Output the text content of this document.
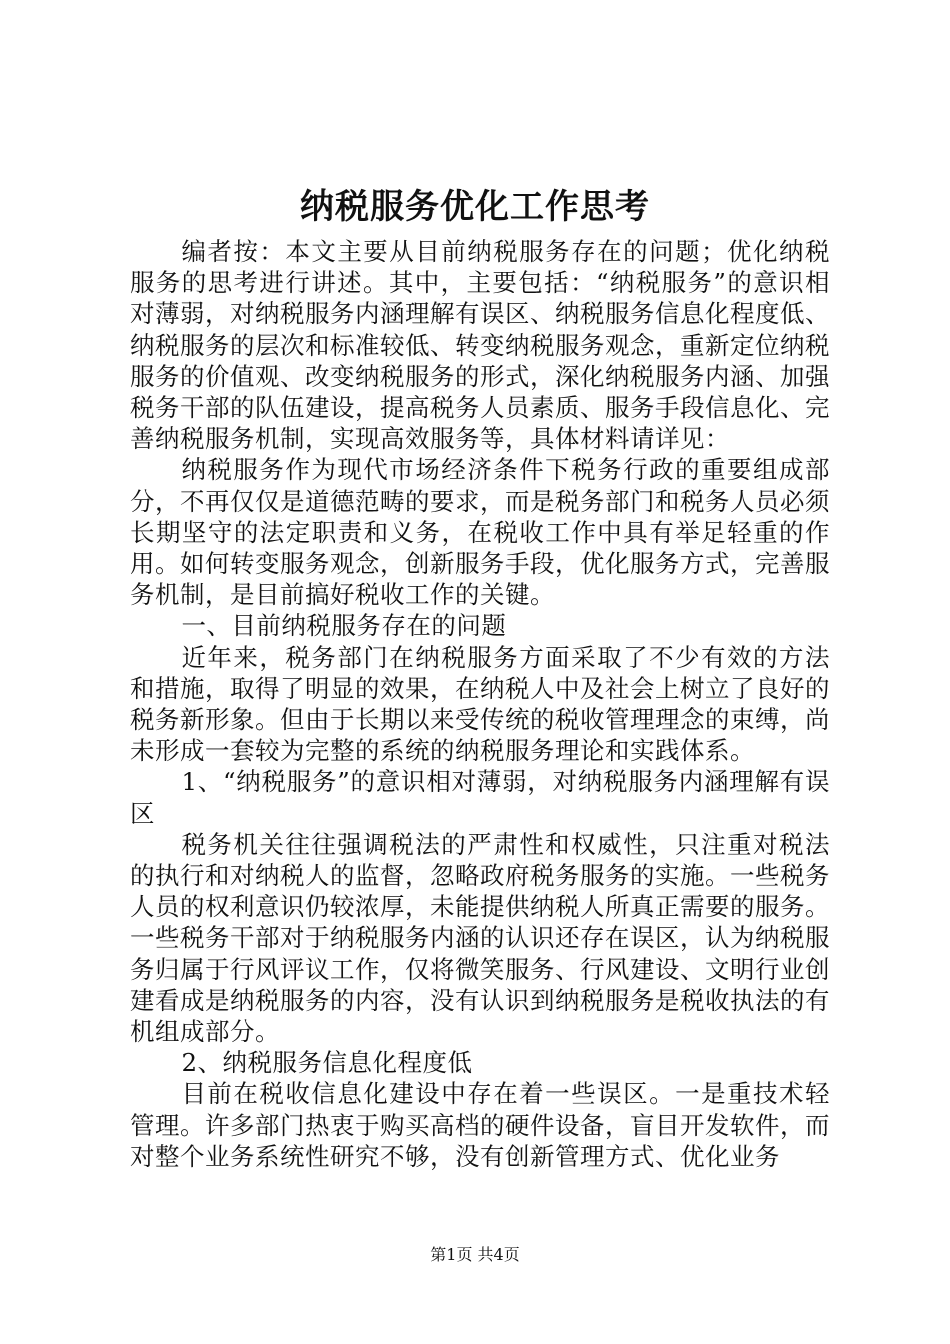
纳税服务优化工作思考

编者按：本文主要从目前纳税服务存在的问题；优化纳税服务的思考进行讲述。其中，主要包括：“纳税服务”的意识相对薄弱，对纳税服务内涵理解有误区、纳税服务信息化程度低、纳税服务的层次和标准较低、转变纳税服务观念，重新定位纳税服务的价值观、改变纳税服务的形式，深化纳税服务内涵、加强税务干部的队伍建设，提高税务人员素质、服务手段信息化、完善纳税服务机制，实现高效服务等，具体材料请详见：

纳税服务作为现代市场经济条件下税务行政的重要组成部分，不再仅仅是道德范畴的要求，而是税务部门和税务人员必须长期坚守的法定职责和义务，在税收工作中具有举足轻重的作用。如何转变服务观念，创新服务手段，优化服务方式，完善服务机制，是目前搞好税收工作的关键。

一、目前纳税服务存在的问题

近年来，税务部门在纳税服务方面采取了不少有效的方法和措施，取得了明显的效果，在纳税人中及社会上树立了良好的税务新形象。但由于长期以来受传统的税收管理理念的束缚，尚未形成一套较为完整的系统的纳税服务理论和实践体系。

1、“纳税服务”的意识相对薄弱，对纳税服务内涵理解有误区

税务机关往往强调税法的严肃性和权威性，只注重对税法的执行和对纳税人的监督，忽略政府税务服务的实施。一些税务人员的权利意识仍较浓厚，未能提供纳税人所真正需要的服务。一些税务干部对于纳税服务内涵的认识还存在误区，认为纳税服务归属于行风评议工作，仅将微笑服务、行风建设、文明行业创建看成是纳税服务的内容，没有认识到纳税服务是税收执法的有机组成部分。

2、纳税服务信息化程度低

目前在税收信息化建设中存在着一些误区。一是重技术轻管理。许多部门热衷于购买高档的硬件设备，盲目开发软件，而对整个业务系统性研究不够，没有创新管理方式、优化业务

第1页 共4页
